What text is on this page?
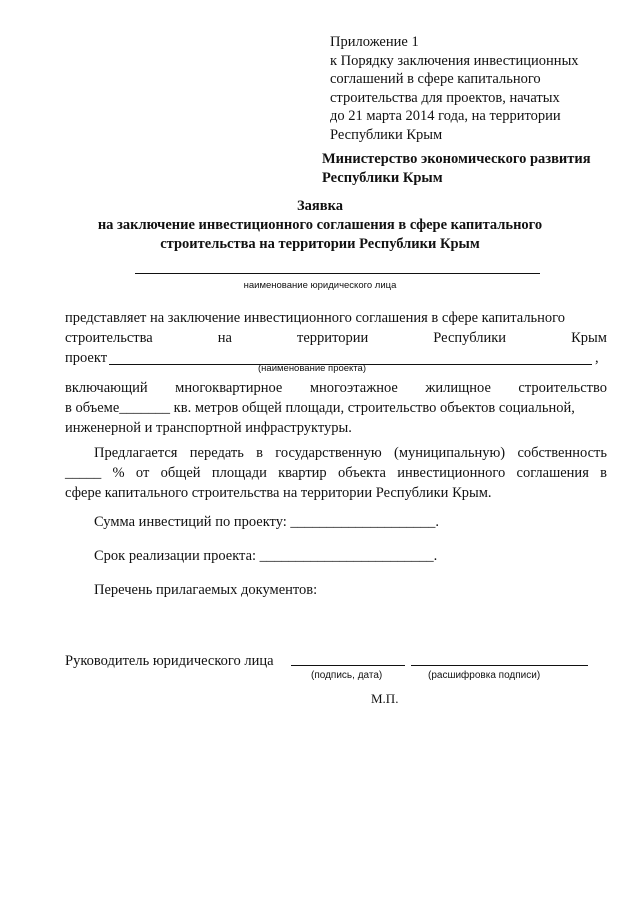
Приложение 1
к Порядку заключения инвестиционных
соглашений в сфере капитального
строительства для проектов, начатых
до 21 марта 2014 года, на территории
Республики Крым
Министерство экономического развития
Республики Крым
Заявка
на заключение инвестиционного соглашения в сфере капитального
строительства на территории Республики Крым
наименование юридического лица
представляет на заключение инвестиционного соглашения в сфере капитального
строительства	на	территории	Республики	Крым
проект	,
(наименование проекта)
включающий многоквартирное многоэтажное жилищное строительство
в объеме_______ кв. метров общей площади, строительство объектов социальной,
инженерной и транспортной инфраструктуры.
Предлагается передать в государственную (муниципальную) собственность
_____ % от общей площади квартир объекта инвестиционного соглашения в
сфере капитального строительства на территории Республики Крым.
Сумма инвестиций по проекту: ____________________.
Срок реализации проекта: ________________________.
Перечень прилагаемых документов:
Руководитель юридического лица
(подпись, дата)	(расшифровка подписи)
М.П.
